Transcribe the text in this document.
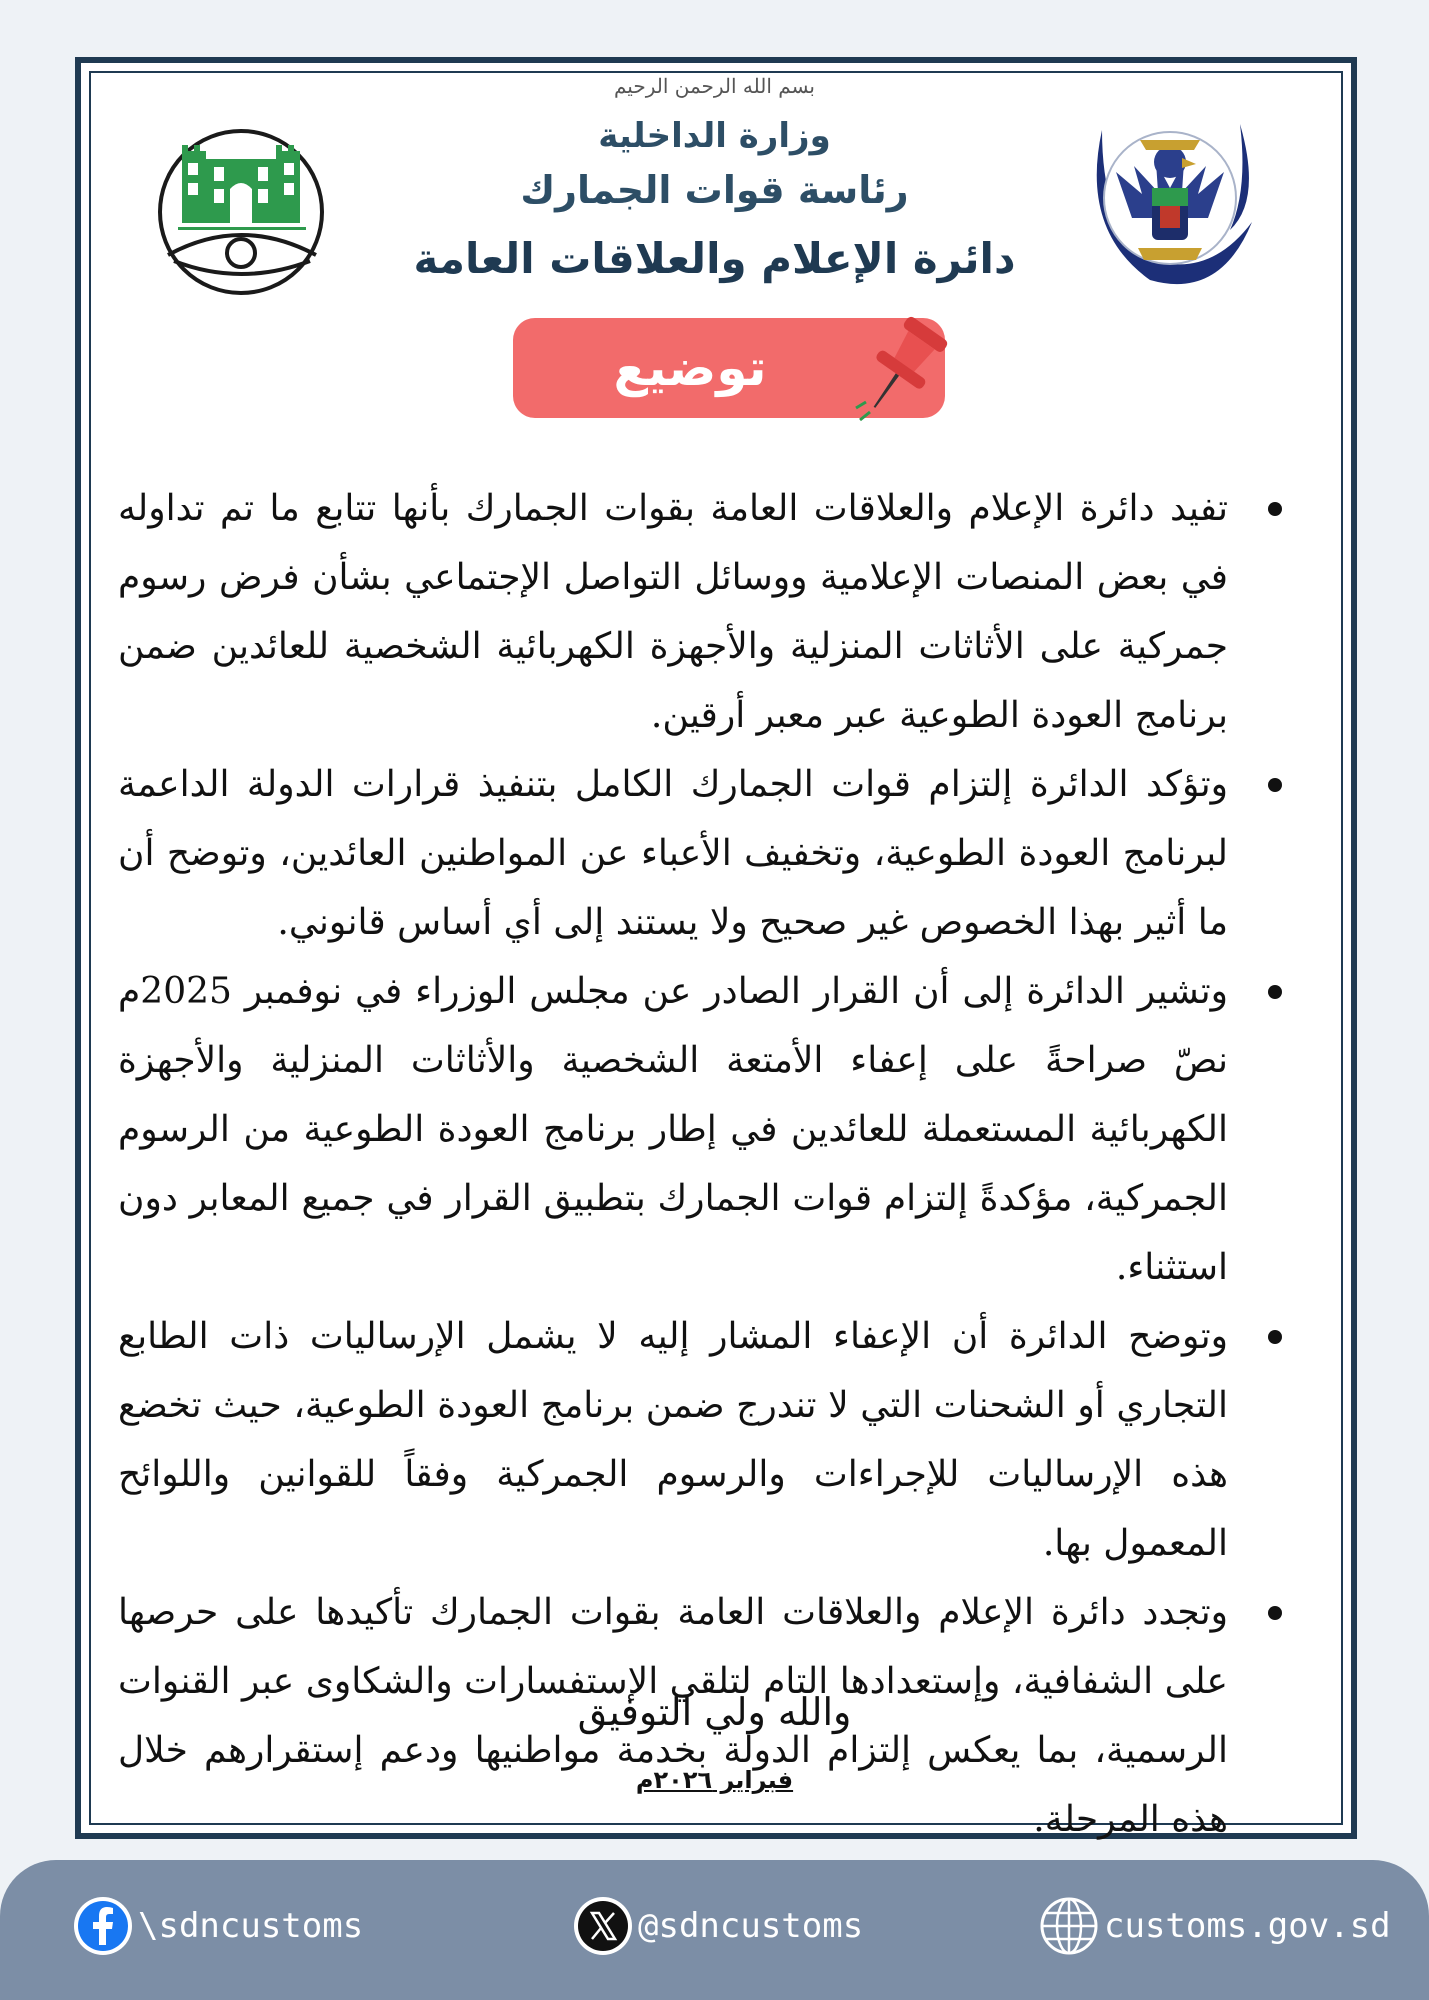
بسم الله الرحمن الرحيم
وزارة الداخلية
رئاسة قوات الجمارك
دائرة الإعلام والعلاقات العامة
توضيع صحفي

تفيد دائرة الإعلام والعلاقات العامة بقوات الجمارك بأنها تتابع ما تم تداوله في بعض المنصات الإعلامية ووسائل التواصل الإجتماعي بشأن فرض رسوم جمركية على الأثاثات المنزلية والأجهزة الكهربائية الشخصية للعائدين ضمن برنامج العودة الطوعية عبر معبر أرقين.

وتؤكد الدائرة إلتزام قوات الجمارك الكامل بتنفيذ قرارات الدولة الداعمة لبرنامج العودة الطوعية، وتخفيف الأعباء عن المواطنين العائدين، وتوضح أن ما أثير بهذا الخصوص غير صحيح ولا يستند إلى أي أساس قانوني.

وتشير الدائرة إلى أن القرار الصادر عن مجلس الوزراء في نوفمبر 2025م نصّ صراحةً على إعفاء الأمتعة الشخصية والأثاثات المنزلية والأجهزة الكهربائية المستعملة للعائدين في إطار برنامج العودة الطوعية من الرسوم الجمركية، مؤكدةً إلتزام قوات الجمارك بتطبيق القرار في جميع المعابر دون استثناء.

وتوضح الدائرة أن الإعفاء المشار إليه لا يشمل الإرساليات ذات الطابع التجاري أو الشحنات التي لا تندرج ضمن برنامج العودة الطوعية، حيث تخضع هذه الإرساليات للإجراءات والرسوم الجمركية وفقاً للقوانين واللوائح المعمول بها.

وتجدد دائرة الإعلام والعلاقات العامة بقوات الجمارك تأكيدها على حرصها على الشفافية، وإستعدادها التام لتلقي الإستفسارات والشكاوى عبر القنوات الرسمية، بما يعكس إلتزام الدولة بخدمة مواطنيها ودعم إستقرارهم خلال هذه المرحلة.

والله ولي التوفيق
فبراير ٢٠٢٦م
\sdncustoms	@sdncustoms	customs.gov.sd
